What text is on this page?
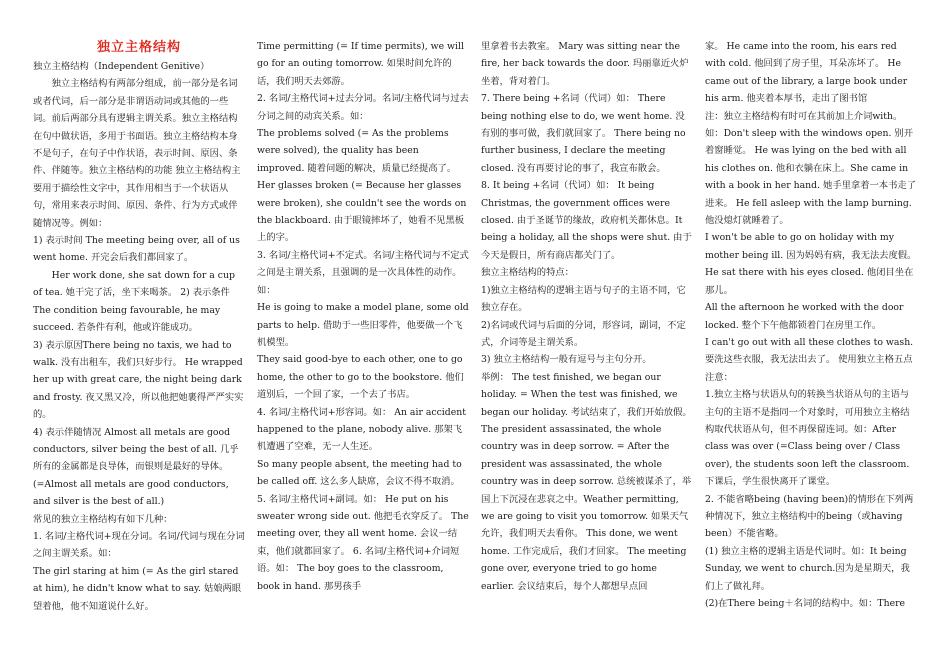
独立主格结构

独立主格结构（Independent Genitive）

独立主格结构有两部分组成，前一部分是名词或者代词，后一部分是非谓语动词或其他的一些词。前后两部分具有逻辑主谓关系。独立主格结构在句中做状语，多用于书面语。独立主格结构本身不是句子，在句子中作状语，表示时间、原因、条件、伴随等。独立主格结构的功能 独立主格结构主要用于描绘性文字中，其作用相当于一个状语从句，常用来表示时间、原因、条件、行为方式或伴随情况等。例如：

1) 表示时间 The meeting being over, all of us went home. 开完会后我们都回家了。

Her work done, she sat down for a cup of tea. 她干完了活，坐下来喝茶。 2) 表示条件 The condition being favourable, he may succeed. 若条件有利，他或许能成功。

3) 表示原因There being no taxis, we had to walk. 没有出租车，我们只好步行。 He wrapped her up with great care, the night being dark and frosty. 夜又黑又冷，所以他把她裹得严严实实的。

4) 表示伴随情况 Almost all metals are good conductors, silver being the best of all. 几乎所有的金属都是良导体，而银则是最好的导体。(=Almost all metals are good conductors, and silver is the best of all.)

常见的独立主格结构有如下几种：

1. 名词/主格代词+现在分词。名词/代词与现在分词之间主谓关系。如：

The girl staring at him (= As the girl stared at him), he didn't know what to say. 姑娘两眼望着他，他不知道说什么好。

Time permitting (= If time permits), we will go for an outing tomorrow. 如果时间允许的话，我们明天去郊游。

2. 名词/主格代词+过去分词。名词/主格代词与过去分词之间的动宾关系。如：

The problems solved (= As the problems were solved), the quality has been improved. 随着问题的解决，质量已经提高了。Her glasses broken (= Because her glasses were broken), she couldn't see the words on the blackboard. 由于眼镜摔坏了，她看不见黑板上的字。

3. 名词/主格代词+不定式。名词/主格代词与不定式之间是主谓关系，且强调的是一次具体性的动作。如：

He is going to make a model plane, some old parts to help. 借助于一些旧零件，他要做一个飞机模型。

They said good-bye to each other, one to go home, the other to go to the bookstore. 他们道别后，一个回了家，一个去了书店。

4. 名词/主格代词+形容词。如： An air accident happened to the plane, nobody alive. 那架飞机遭遇了空难，无一人生还。

So many people absent, the meeting had to be called off. 这么多人缺席，会议不得不取消。

5. 名词/主格代词+副词。如： He put on his sweater wrong side out. 他把毛衣穿反了。 The meeting over, they all went home. 会议一结束，他们就都回家了。 6. 名词/主格代词+介词短语。如： The boy goes to the classroom, book in hand. 那男孩手

里拿着书去教室。 Mary was sitting near the fire, her back towards the door. 玛丽靠近火炉坐着，背对着门。

7. There being +名词（代词）如： There being nothing else to do, we went home. 没有别的事可做，我们就回家了。 There being no further business, I declare the meeting closed. 没有再要讨论的事了，我宣布散会。

8. It being +名词（代词）如： It being Christmas, the government offices were closed. 由于圣诞节的缘故，政府机关都休息。It being a holiday, all the shops were shut. 由于今天是假日，所有商店都关门了。

独立主格结构的特点：

1)独立主格结构的逻辑主语与句子的主语不同，它独立存在。

2)名词或代词与后面的分词，形容词，副词，不定式，介词等是主谓关系。

3) 独立主格结构一般有逗号与主句分开。

举例： The test finished, we began our holiday. = When the test was finished, we began our holiday. 考试结束了，我们开始放假。 The president assassinated, the whole country was in deep sorrow. = After the president was assassinated, the whole country was in deep sorrow. 总统被谋杀了，举国上下沉浸在悲哀之中。Weather permitting, we are going to visit you tomorrow. 如果天气允许，我们明天去看你。 This done, we went home. 工作完成后，我们才回家。 The meeting gone over, everyone tried to go home earlier. 会议结束后，每个人都想早点回

家。 He came into the room, his ears red with cold. 他回到了房子里，耳朵冻坏了。 He came out of the library, a large book under his arm. 他夹着本厚书，走出了图书馆

注：独立主格结构有时可在其前加上介词with。如：Don't sleep with the windows open. 别开着窗睡觉。 He was lying on the bed with all his clothes on. 他和衣躺在床上。She came in with a book in her hand. 她手里拿着一本书走了进来。 He fell asleep with the lamp burning. 他没熄灯就睡着了。

I won't be able to go on holiday with my mother being ill. 因为妈妈有病，我无法去度假。 He sat there with his eyes closed. 他闭目坐在那儿。

All the afternoon he worked with the door locked. 整个下午他都锁着门在房里工作。

I can't go out with all these clothes to wash. 要洗这些衣服，我无法出去了。 使用独立主格五点注意：

1.独立主格与状语从句的转换当状语从句的主语与主句的主语不是指同一个对象时，可用独立主格结构取代状语从句，但不再保留连词。如：After class was over (=Class being over / Class over), the students soon left the classroom.下课后，学生很快离开了课堂。

2. 不能省略being (having been)的情形在下列两种情况下，独立主格结构中的being（或having been）不能省略。

(1) 独立主格的逻辑主语是代词时。如：It being Sunday, we went to church.因为是星期天，我们上了做礼拜。

(2)在There being＋名词的结构中。如：There
